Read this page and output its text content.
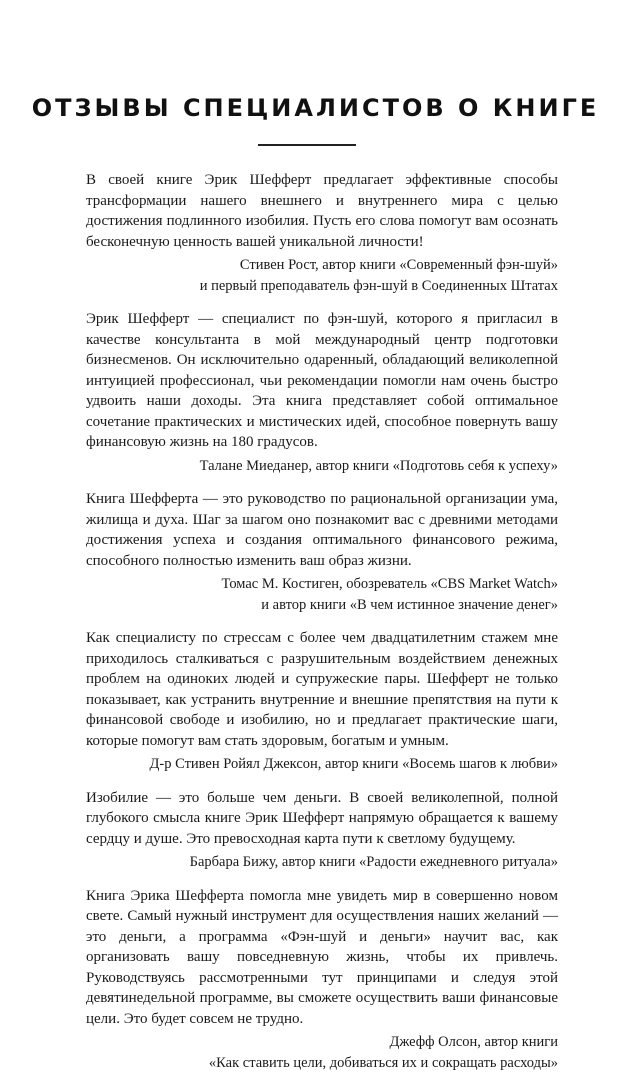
ОТЗЫВЫ СПЕЦИАЛИСТОВ О КНИГЕ

В своей книге Эрик Шефферт предлагает эффективные способы трансформации нашего внешнего и внутреннего мира с целью достижения подлинного изобилия. Пусть его слова помогут вам осознать бесконечную ценность вашей уникальной личности!

Стивен Рост, автор книги «Современный фэн-шуй»
и первый преподаватель фэн-шуй в Соединенных Штатах

Эрик Шефферт — специалист по фэн-шуй, которого я пригласил в качестве консультанта в мой международный центр подготовки бизнесменов. Он исключительно одаренный, обладающий великолепной интуицией профессионал, чьи рекомендации помогли нам очень быстро удвоить наши доходы. Эта книга представляет собой оптимальное сочетание практических и мистических идей, способное повернуть вашу финансовую жизнь на 180 градусов.

Талане Миеданер, автор книги «Подготовь себя к успеху»

Книга Шефферта — это руководство по рациональной организации ума, жилища и духа. Шаг за шагом оно познакомит вас с древними методами достижения успеха и создания оптимального финансового режима, способного полностью изменить ваш образ жизни.

Томас М. Костиген, обозреватель «CBS Market Watch»
и автор книги «В чем истинное значение денег»

Как специалисту по стрессам с более чем двадцатилетним стажем мне приходилось сталкиваться с разрушительным воздействием денежных проблем на одиноких людей и супружеские пары. Шефферт не только показывает, как устранить внутренние и внешние препятствия на пути к финансовой свободе и изобилию, но и предлагает практические шаги, которые помогут вам стать здоровым, богатым и умным.

Д-р Стивен Ройял Джексон, автор книги «Восемь шагов к любви»

Изобилие — это больше чем деньги. В своей великолепной, полной глубокого смысла книге Эрик Шефферт напрямую обращается к вашему сердцу и душе. Это превосходная карта пути к светлому будущему.

Барбара Бижу, автор книги «Радости ежедневного ритуала»

Книга Эрика Шефферта помогла мне увидеть мир в совершенно новом свете. Самый нужный инструмент для осуществления наших желаний — это деньги, а программа «Фэн-шуй и деньги» научит вас, как организовать вашу повседневную жизнь, чтобы их привлечь. Руководствуясь рассмотренными тут принципами и следуя этой девятинедельной программе, вы сможете осуществить ваши финансовые цели. Это будет совсем не трудно.

Джефф Олсон, автор книги
«Как ставить цели, добиваться их и сокращать расходы»
